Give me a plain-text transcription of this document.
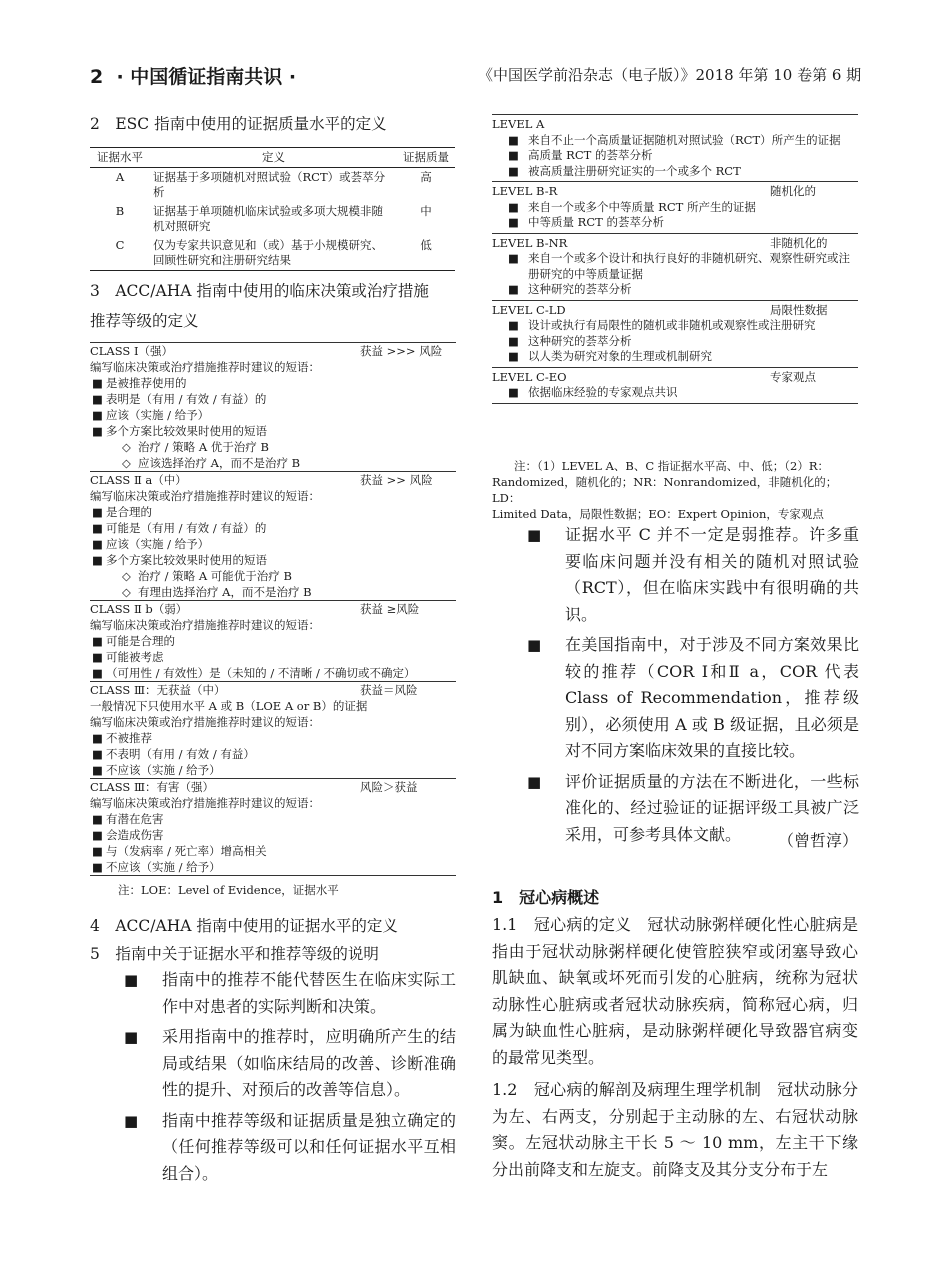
2 · 中国循证指南共识 ·	《中国医学前沿杂志（电子版）》2018 年第 10 卷第 6 期
2　ESC 指南中使用的证据质量水平的定义
证据水平	定义	证据质量
A	证据基于多项随机对照试验（RCT）或荟萃分析	高
B	证据基于单项随机临床试验或多项大规模非随机对照研究	中
C	仅为专家共识意见和（或）基于小规模研究、回顾性研究和注册研究结果	低
3　ACC/AHA 指南中使用的临床决策或治疗措施
推荐等级的定义
CLASS Ⅰ（强）	获益 >>> 风险
编写临床决策或治疗措施推荐时建议的短语：
■ 是被推荐使用的
■ 表明是（有用 / 有效 / 有益）的
■ 应该（实施 / 给予）
■ 多个方案比较效果时使用的短语
◇ 治疗 / 策略 A 优于治疗 B
◇ 应该选择治疗 A，而不是治疗 B
CLASS Ⅱ a（中）	获益 >> 风险
编写临床决策或治疗措施推荐时建议的短语：
■ 是合理的
■ 可能是（有用 / 有效 / 有益）的
■ 应该（实施 / 给予）
■ 多个方案比较效果时使用的短语
◇ 治疗 / 策略 A 可能优于治疗 B
◇ 有理由选择治疗 A，而不是治疗 B
CLASS Ⅱ b（弱）	获益 ≥风险
编写临床决策或治疗措施推荐时建议的短语：
■ 可能是合理的
■ 可能被考虑
■ （可用性 / 有效性）是（未知的 / 不清晰 / 不确切或不确定）
CLASS Ⅲ：无获益（中）	获益＝风险
一般情况下只使用水平 A 或 B（LOE A or B）的证据
编写临床决策或治疗措施推荐时建议的短语：
■ 不被推荐
■ 不表明（有用 / 有效 / 有益）
■ 不应该（实施 / 给予）
CLASS Ⅲ：有害（强）	风险＞获益
编写临床决策或治疗措施推荐时建议的短语：
■ 有潜在危害
■ 会造成伤害
■ 与（发病率 / 死亡率）增高相关
■ 不应该（实施 / 给予）
注：LOE：Level of Evidence，证据水平
4　ACC/AHA 指南中使用的证据水平的定义
5　指南中关于证据水平和推荐等级的说明
■ 指南中的推荐不能代替医生在临床实际工作中对患者的实际判断和决策。
■ 采用指南中的推荐时，应明确所产生的结局或结果（如临床结局的改善、诊断准确性的提升、对预后的改善等信息）。
■ 指南中推荐等级和证据质量是独立确定的（任何推荐等级可以和任何证据水平互相组合）。
LEVEL A
■ 来自不止一个高质量证据随机对照试验（RCT）所产生的证据
■ 高质量 RCT 的荟萃分析
■ 被高质量注册研究证实的一个或多个 RCT
LEVEL B-R	随机化的
■ 来自一个或多个中等质量 RCT 所产生的证据
■ 中等质量 RCT 的荟萃分析
LEVEL B-NR	非随机化的
■ 来自一个或多个设计和执行良好的非随机研究、观察性研究或注册研究的中等质量证据
■ 这种研究的荟萃分析
LEVEL C-LD	局限性数据
■ 设计或执行有局限性的随机或非随机或观察性或注册研究
■ 这种研究的荟萃分析
■ 以人类为研究对象的生理或机制研究
LEVEL C-EO	专家观点
■ 依据临床经验的专家观点共识
注：（1）LEVEL A、B、C 指证据水平高、中、低；（2）R：
Randomized，随机化的；NR：Nonrandomized，非随机化的；LD：
Limited Data，局限性数据；EO：Expert Opinion，专家观点
■ 证据水平 C 并不一定是弱推荐。许多重要临床问题并没有相关的随机对照试验（RCT），但在临床实践中有很明确的共识。
■ 在美国指南中，对于涉及不同方案效果比较的推荐（COR Ⅰ和Ⅱ a，COR 代表 Class of Recommendation，推荐级别），必须使用 A 或 B 级证据，且必须是对不同方案临床效果的直接比较。
■ 评价证据质量的方法在不断进化，一些标准化的、经过验证的证据评级工具被广泛采用，可参考具体文献。	（曾哲淳）
1　冠心病概述
1.1　冠心病的定义 冠状动脉粥样硬化性心脏病是指由于冠状动脉粥样硬化使管腔狭窄或闭塞导致心肌缺血、缺氧或坏死而引发的心脏病，统称为冠状动脉性心脏病或者冠状动脉疾病，简称冠心病，归属为缺血性心脏病，是动脉粥样硬化导致器官病变的最常见类型。
1.2　冠心病的解剖及病理生理学机制 冠状动脉分为左、右两支，分别起于主动脉的左、右冠状动脉窦。左冠状动脉主干长 5 ～ 10 mm，左主干下缘分出前降支和左旋支。前降支及其分支分布于左
